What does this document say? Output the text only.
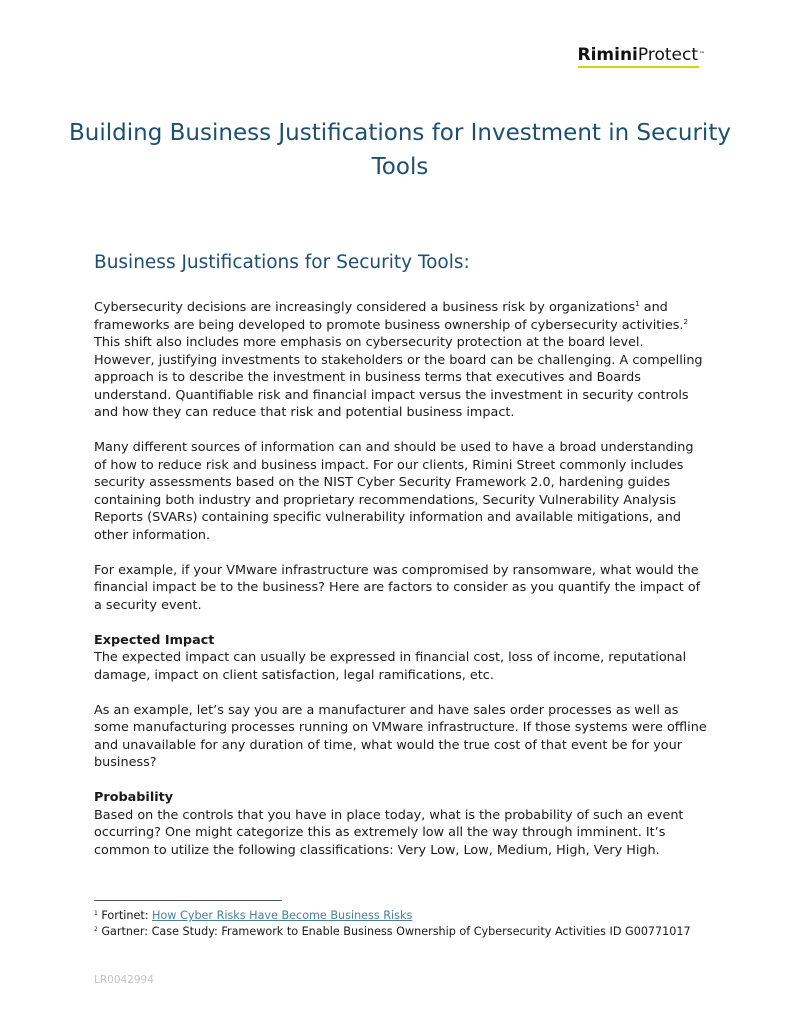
RiminiProtect™
Building Business Justifications for Investment in Security Tools
Business Justifications for Security Tools:

Cybersecurity decisions are increasingly considered a business risk by organizations$^1$ and frameworks are being developed to promote business ownership of cybersecurity activities.$^2$ This shift also includes more emphasis on cybersecurity protection at the board level. However, justifying investments to stakeholders or the board can be challenging. A compelling approach is to describe the investment in business terms that executives and Boards understand. Quantifiable risk and financial impact versus the investment in security controls and how they can reduce that risk and potential business impact.

Many different sources of information can and should be used to have a broad understanding of how to reduce risk and business impact. For our clients, Rimini Street commonly includes security assessments based on the NIST Cyber Security Framework 2.0, hardening guides containing both industry and proprietary recommendations, Security Vulnerability Analysis Reports (SVARs) containing specific vulnerability information and available mitigations, and other information.

For example, if your VMware infrastructure was compromised by ransomware, what would the financial impact be to the business? Here are factors to consider as you quantify the impact of a security event.

Expected Impact

The expected impact can usually be expressed in financial cost, loss of income, reputational damage, impact on client satisfaction, legal ramifications, etc.

As an example, let’s say you are a manufacturer and have sales order processes as well as some manufacturing processes running on VMware infrastructure. If those systems were offline and unavailable for any duration of time, what would the true cost of that event be for your business?

Probability

Based on the controls that you have in place today, what is the probability of such an event occurring? One might categorize this as extremely low all the way through imminent. It’s common to utilize the following classifications: Very Low, Low, Medium, High, Very High.

$^1$ Fortinet: How Cyber Risks Have Become Business Risks

$^2$ Gartner: Case Study: Framework to Enable Business Ownership of Cybersecurity Activities ID G00771017

LR0042994
